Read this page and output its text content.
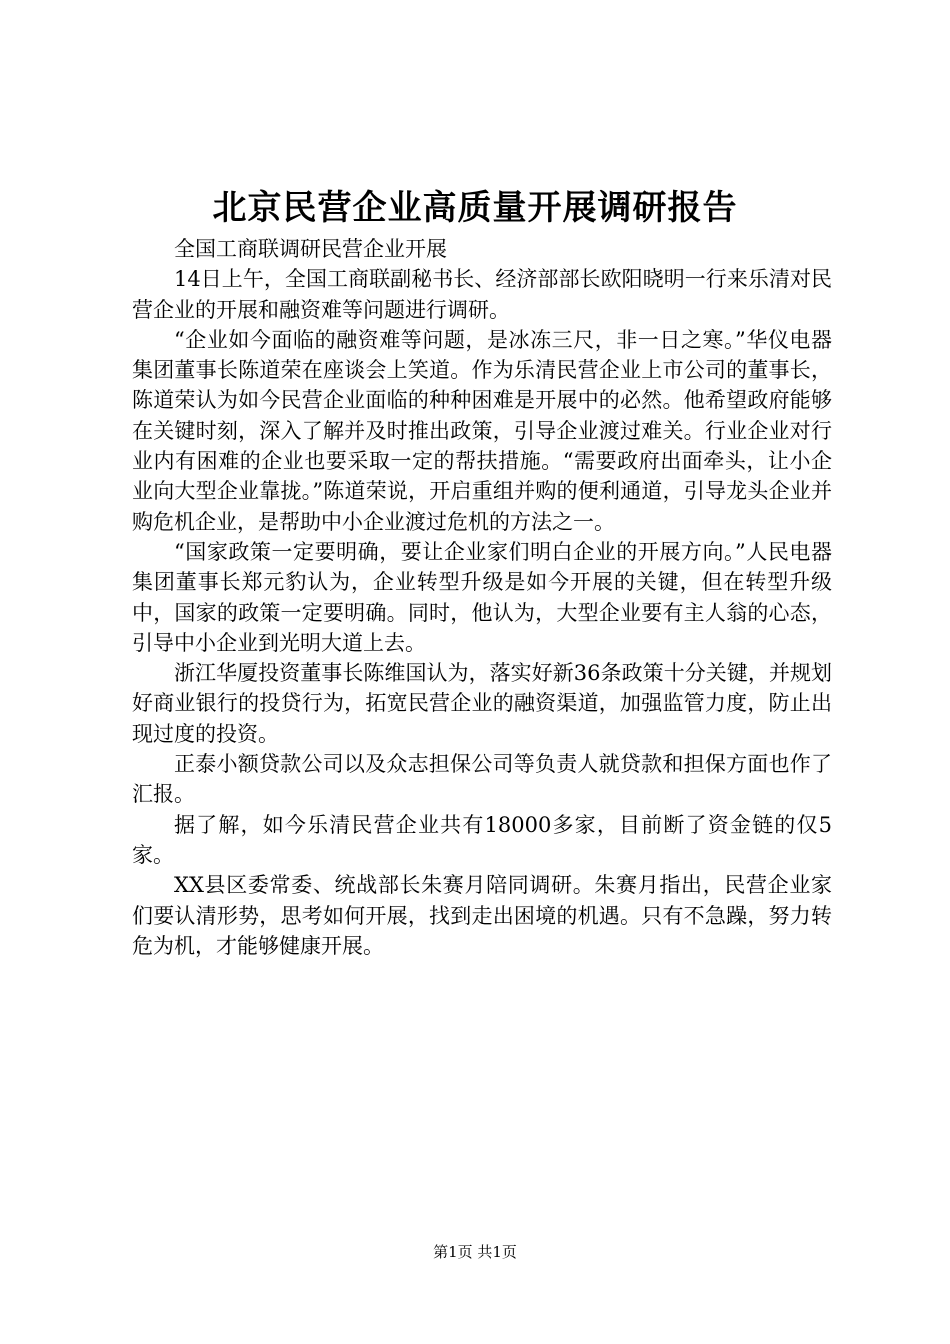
北京民营企业高质量开展调研报告

全国工商联调研民营企业开展

14日上午，全国工商联副秘书长、经济部部长欧阳晓明一行来乐清对民营企业的开展和融资难等问题进行调研。

“企业如今面临的融资难等问题，是冰冻三尺，非一日之寒。”华仪电器集团董事长陈道荣在座谈会上笑道。作为乐清民营企业上市公司的董事长，陈道荣认为如今民营企业面临的种种困难是开展中的必然。他希望政府能够在关键时刻，深入了解并及时推出政策，引导企业渡过难关。行业企业对行业内有困难的企业也要采取一定的帮扶措施。“需要政府出面牵头，让小企业向大型企业靠拢。”陈道荣说，开启重组并购的便利通道，引导龙头企业并购危机企业，是帮助中小企业渡过危机的方法之一。

“国家政策一定要明确，要让企业家们明白企业的开展方向。”人民电器集团董事长郑元豹认为，企业转型升级是如今开展的关键，但在转型升级中，国家的政策一定要明确。同时，他认为，大型企业要有主人翁的心态，引导中小企业到光明大道上去。

浙江华厦投资董事长陈维国认为，落实好新36条政策十分关键，并规划好商业银行的投贷行为，拓宽民营企业的融资渠道，加强监管力度，防止出现过度的投资。

正泰小额贷款公司以及众志担保公司等负责人就贷款和担保方面也作了汇报。

据了解，如今乐清民营企业共有18000多家，目前断了资金链的仅5家。

XX县区委常委、统战部长朱赛月陪同调研。朱赛月指出，民营企业家们要认清形势，思考如何开展，找到走出困境的机遇。只有不急躁，努力转危为机，才能够健康开展。

第1页 共1页
